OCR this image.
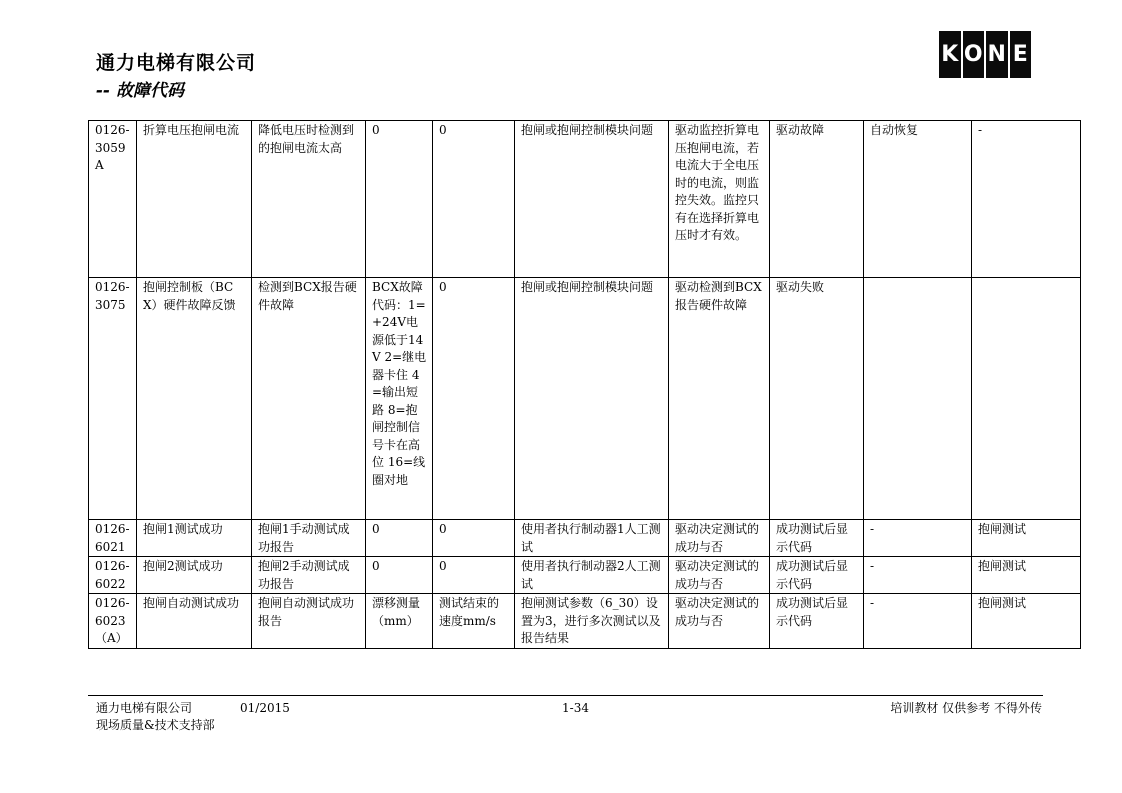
通力电梯有限公司
-- 故障代码
K O N E
0126-3059A	折算电压抱闸电流	降低电压时检测到的抱闸电流太高	0	0	抱闸或抱闸控制模块问题	驱动监控折算电压抱闸电流，若电流大于全电压时的电流，则监控失效。监控只有在选择折算电压时才有效。	驱动故障	自动恢复	-
0126-3075	抱闸控制板（BCX）硬件故障反馈	检测到BCX报告硬件故障	BCX故障代码：1=+24V电源低于14V 2=继电器卡住 4=输出短路 8=抱闸控制信号卡在高位 16=线圈对地	0	抱闸或抱闸控制模块问题	驱动检测到BCX报告硬件故障	驱动失败		
0126-6021	抱闸1测试成功	抱闸1手动测试成功报告	0	0	使用者执行制动器1人工测试	驱动决定测试的成功与否	成功测试后显示代码	-	抱闸测试
0126-6022	抱闸2测试成功	抱闸2手动测试成功报告	0	0	使用者执行制动器2人工测试	驱动决定测试的成功与否	成功测试后显示代码	-	抱闸测试
0126-6023（A）	抱闸自动测试成功	抱闸自动测试成功报告	漂移测量（mm）	测试结束的速度mm/s	抱闸测试参数（6_30）设置为3，进行多次测试以及报告结果	驱动决定测试的成功与否	成功测试后显示代码	-	抱闸测试
通力电梯有限公司
现场质量&技术支持部
01/2015	1-34	培训教材 仅供参考 不得外传
